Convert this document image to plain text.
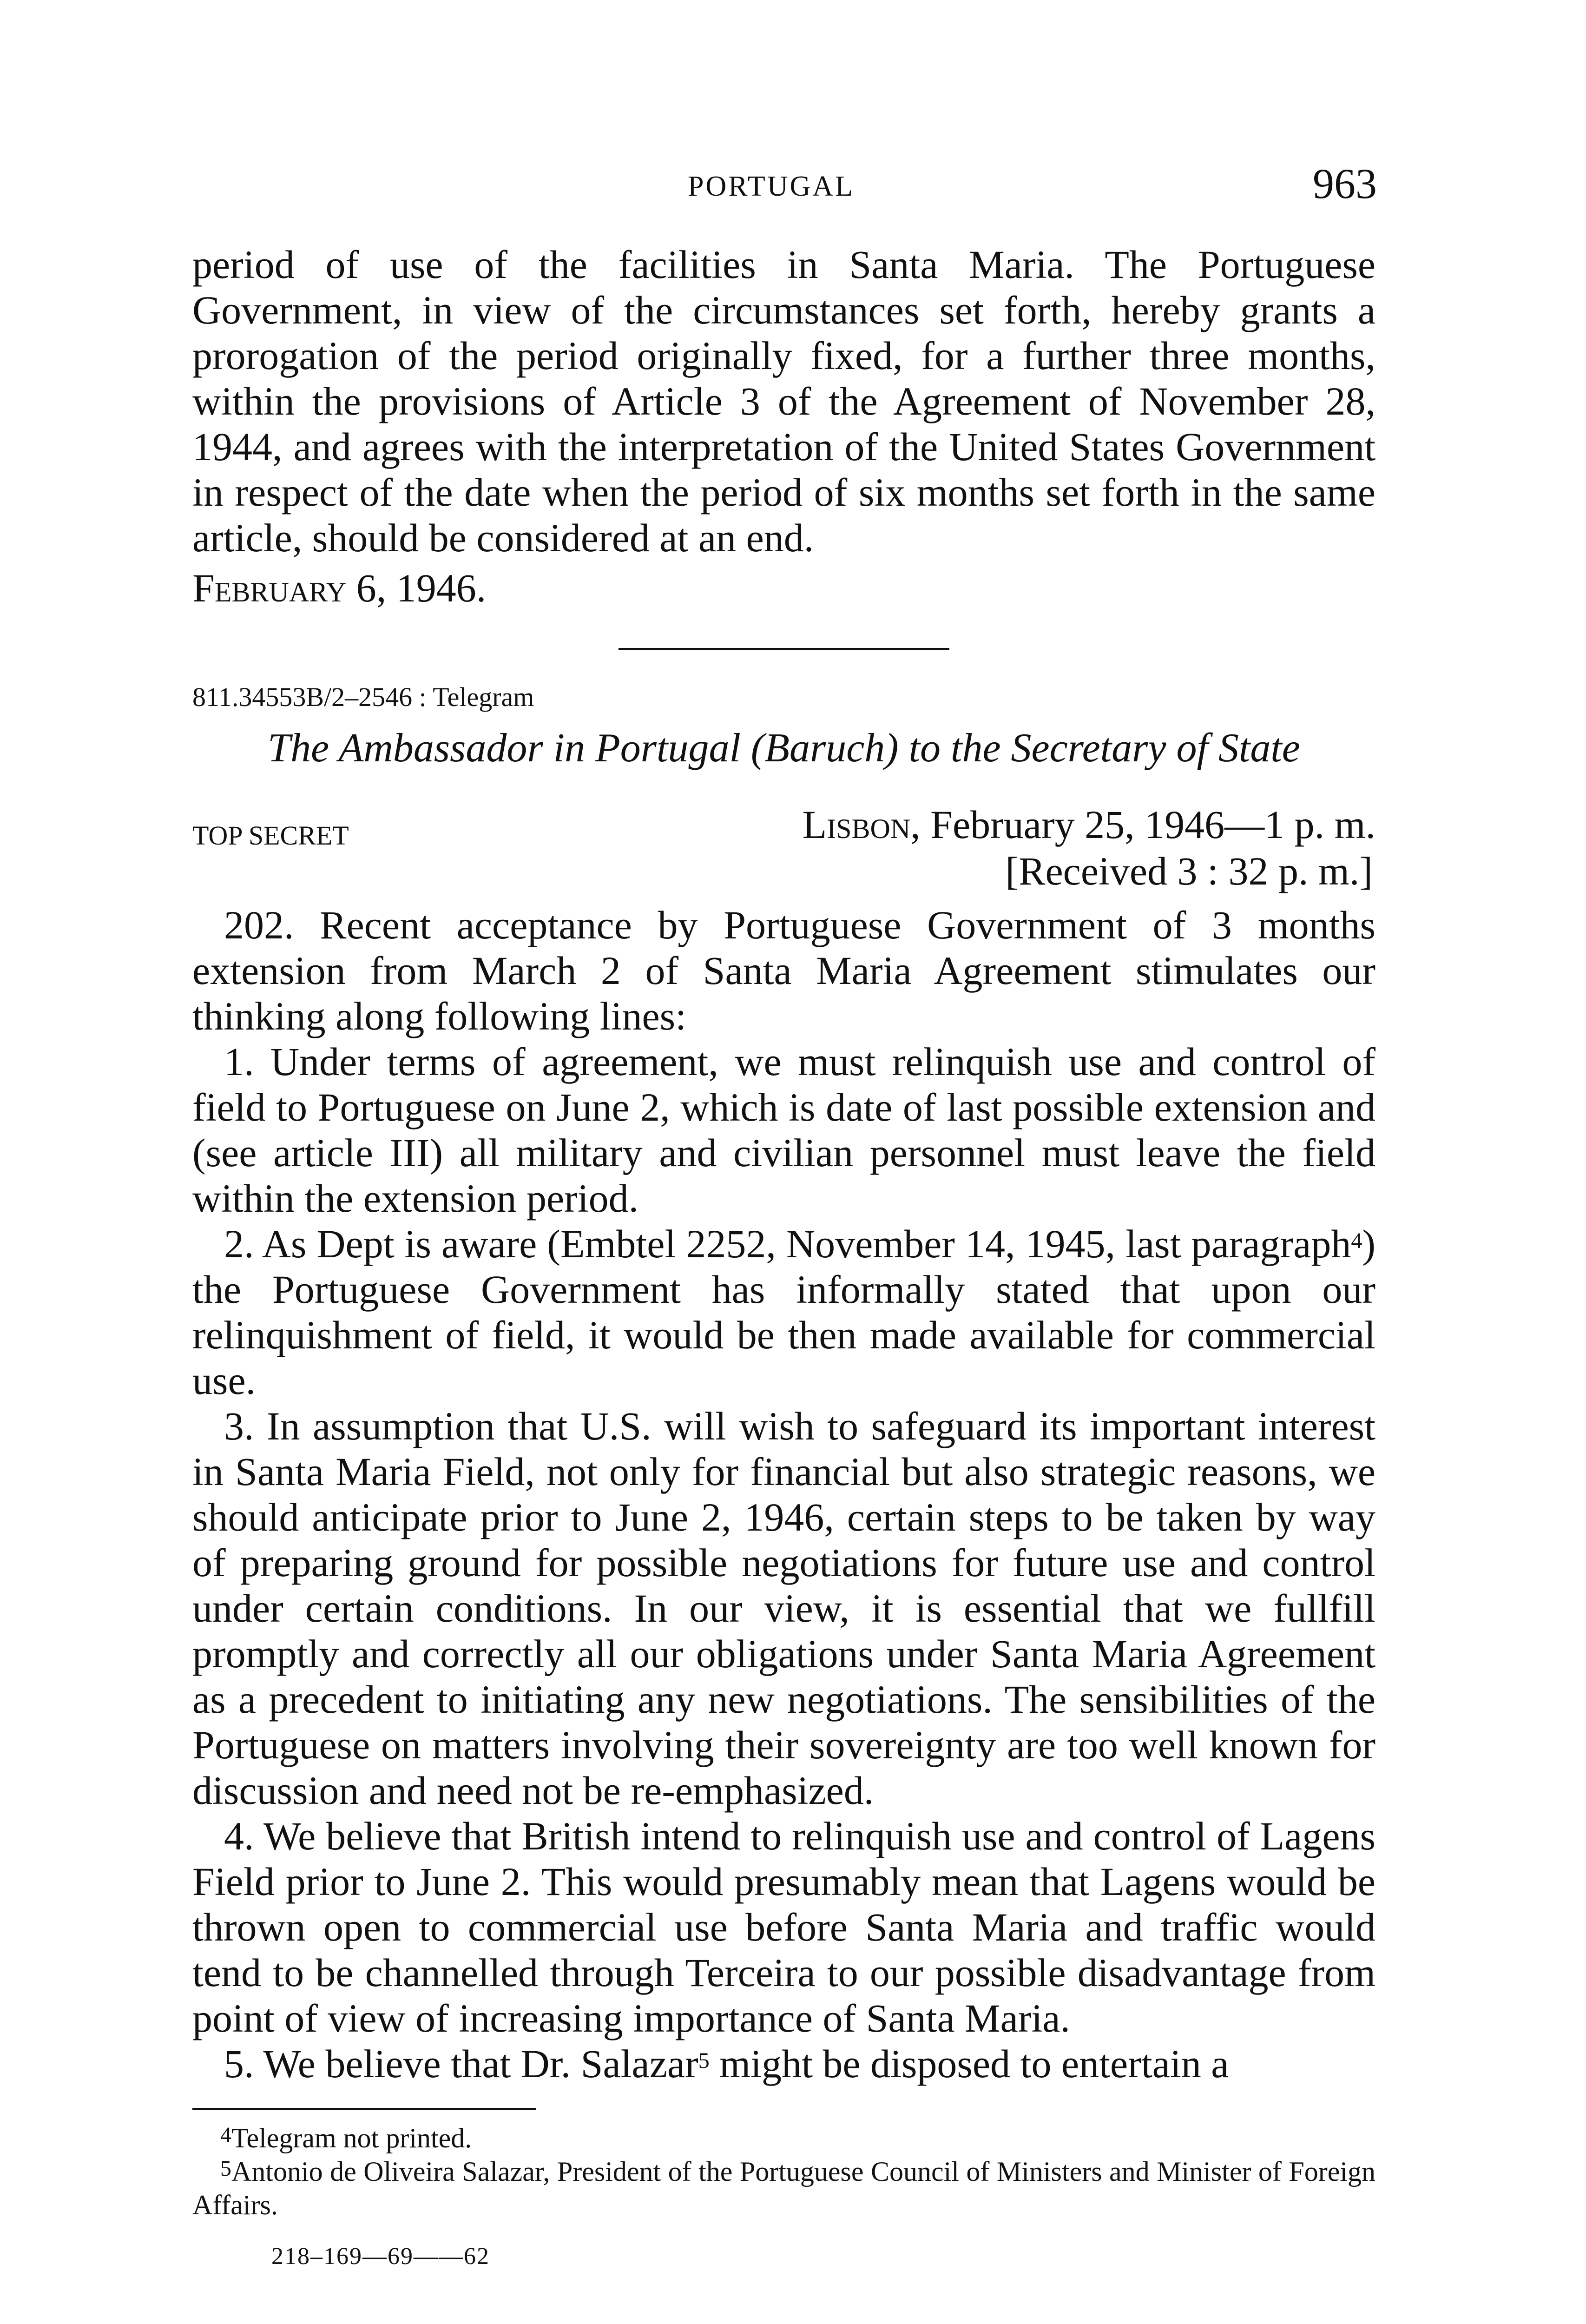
PORTUGAL	963

period of use of the facilities in Santa Maria. The Portuguese Government, in view of the circumstances set forth, hereby grants a prorogation of the period originally fixed, for a further three months, within the provisions of Article 3 of the Agreement of November 28, 1944, and agrees with the interpretation of the United States Government in respect of the date when the period of six months set forth in the same article, should be considered at an end.

February 6, 1946.

811.34553B/2–2546 : Telegram
The Ambassador in Portugal (Baruch) to the Secretary of State
TOP SECRET	Lisbon, February 25, 1946—1 p. m.
[Received 3 : 32 p. m.]

202. Recent acceptance by Portuguese Government of 3 months extension from March 2 of Santa Maria Agreement stimulates our thinking along following lines:

1. Under terms of agreement, we must relinquish use and control of field to Portuguese on June 2, which is date of last possible extension and (see article III) all military and civilian personnel must leave the field within the extension period.

2. As Dept is aware (Embtel 2252, November 14, 1945, last paragraph$^4$) the Portuguese Government has informally stated that upon our relinquishment of field, it would be then made available for commercial use.

3. In assumption that U.S. will wish to safeguard its important interest in Santa Maria Field, not only for financial but also strategic reasons, we should anticipate prior to June 2, 1946, certain steps to be taken by way of preparing ground for possible negotiations for future use and control under certain conditions. In our view, it is essential that we fullfill promptly and correctly all our obligations under Santa Maria Agreement as a precedent to initiating any new negotiations. The sensibilities of the Portuguese on matters involving their sovereignty are too well known for discussion and need not be re-emphasized.

4. We believe that British intend to relinquish use and control of Lagens Field prior to June 2. This would presumably mean that Lagens would be thrown open to commercial use before Santa Maria and traffic would tend to be channelled through Terceira to our possible disadvantage from point of view of increasing importance of Santa Maria.

5. We believe that Dr. Salazar$^5$ might be disposed to entertain a

$^4$Telegram not printed.

$^5$Antonio de Oliveira Salazar, President of the Portuguese Council of Ministers and Minister of Foreign Affairs.

218–169—69——62
